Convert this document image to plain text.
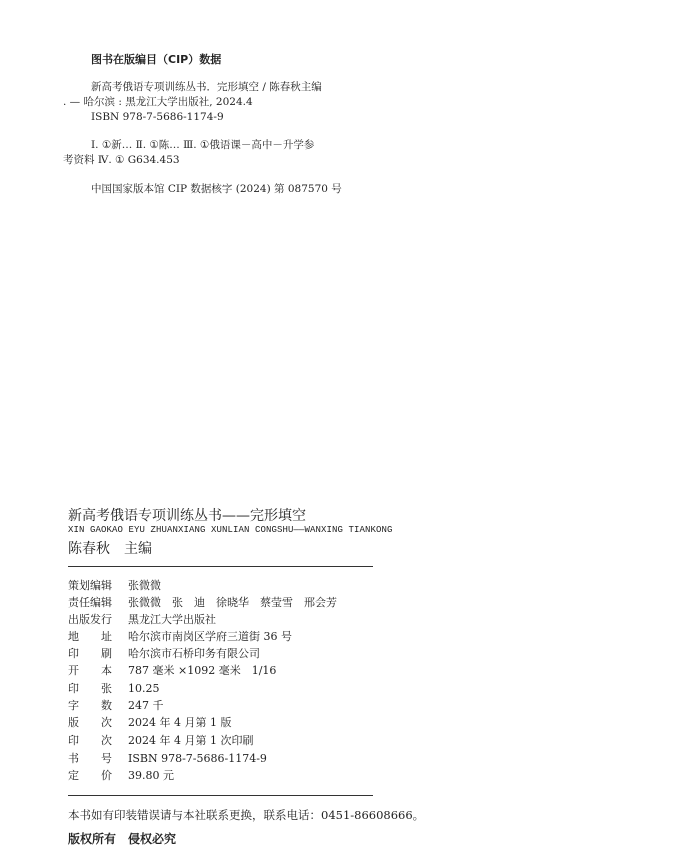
图书在版编目（CIP）数据
新高考俄语专项训练丛书．完形填空 / 陈春秋主编
. — 哈尔滨 : 黑龙江大学出版社, 2024.4
ISBN 978-7-5686-1174-9
Ⅰ. ①新… Ⅱ. ①陈… Ⅲ. ①俄语课－高中－升学参
考资料 Ⅳ. ① G634.453
中国国家版本馆 CIP 数据核字 (2024) 第 087570 号
新高考俄语专项训练丛书——完形填空
XIN GAOKAO EYU ZHUANXIANG XUNLIAN CONGSHU——WANXING TIANKONG
陈春秋　主编
策划编辑 张微微
责任编辑 张微微　张　迪　徐晓华　蔡莹雪　邢会芳
出版发行 黑龙江大学出版社
地　　址 哈尔滨市南岗区学府三道街 36 号
印　　刷 哈尔滨市石桥印务有限公司
开　　本 787 毫米 ×1092 毫米　1/16
印　　张 10.25
字　　数 247 千
版　　次 2024 年 4 月第 1 版
印　　次 2024 年 4 月第 1 次印刷
书　　号 ISBN 978-7-5686-1174-9
定　　价 39.80 元
本书如有印装错误请与本社联系更换，联系电话：0451-86608666。
版权所有　侵权必究
